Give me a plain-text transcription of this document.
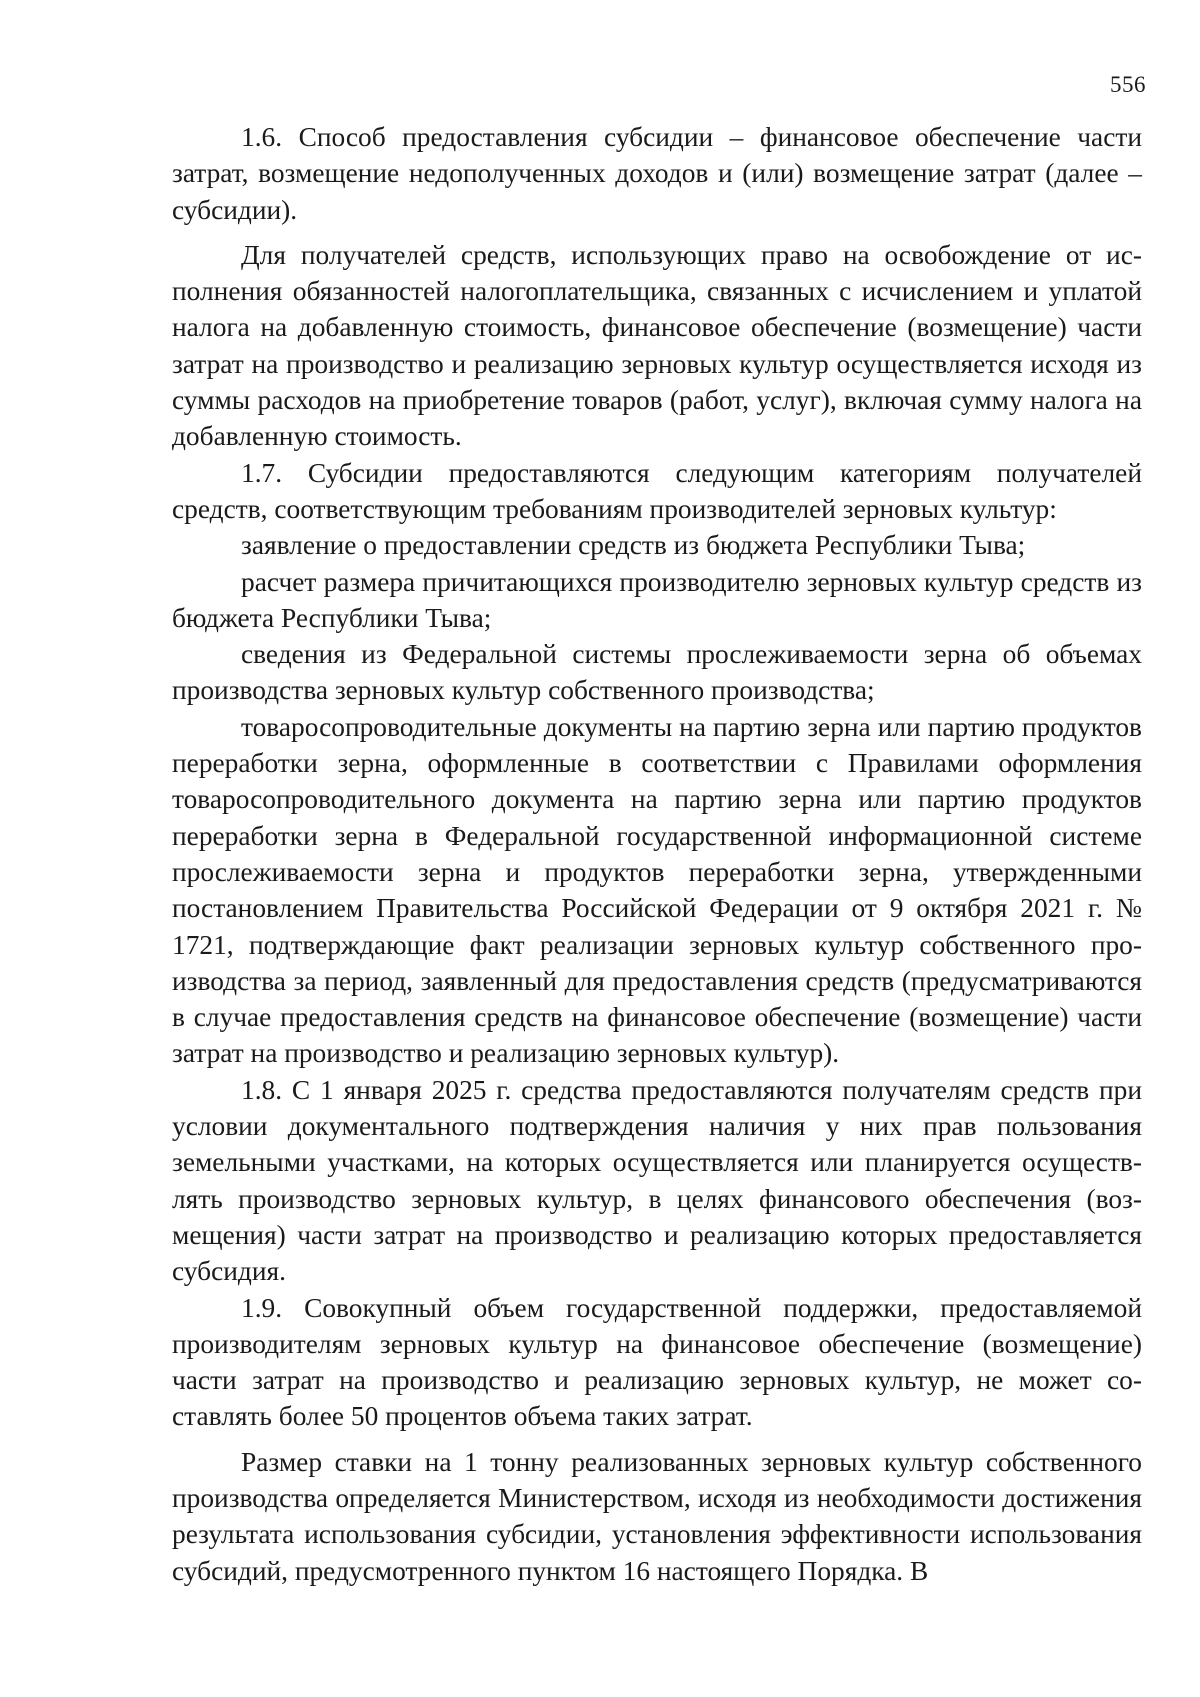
556

1.6. Способ предоставления субсидии – финансовое обеспечение части затрат, возмещение недополученных доходов и (или) возмещение затрат (далее – субсидии).

Для получателей средств, использующих право на освобождение от исполнения обязанностей налогоплательщика, связанных с исчислением и уплатой налога на добавленную стоимость, финансовое обеспечение (возмещение) части затрат на производство и реализацию зерновых культур осуществляется исходя из суммы расходов на приобретение товаров (работ, услуг), включая сумму налога на добавленную стоимость.

1.7. Субсидии предоставляются следующим категориям получателей средств, соответствующим требованиям производителей зерновых культур:

заявление о предоставлении средств из бюджета Республики Тыва;

расчет размера причитающихся производителю зерновых культур средств из бюджета Республики Тыва;

сведения из Федеральной системы прослеживаемости зерна об объемах производства зерновых культур собственного производства;

товаросопроводительные документы на партию зерна или партию продуктов переработки зерна, оформленные в соответствии с Правилами оформления товаросопроводительного документа на партию зерна или партию продуктов переработки зерна в Федеральной государственной информационной системе прослеживаемости зерна и продуктов переработки зерна, утвержденными постановлением Правительства Российской Федерации от 9 октября 2021 г. № 1721, подтверждающие факт реализации зерновых культур собственного производства за период, заявленный для предоставления средств (предусматриваются в случае предоставления средств на финансовое обеспечение (возмещение) части затрат на производство и реализацию зерновых культур).

1.8. С 1 января 2025 г. средства предоставляются получателям средств при условии документального подтверждения наличия у них прав пользования земельными участками, на которых осуществляется или планируется осуществлять производство зерновых культур, в целях финансового обеспечения (возмещения) части затрат на производство и реализацию которых предоставляется субсидия.

1.9. Совокупный объем государственной поддержки, предоставляемой производителям зерновых культур на финансовое обеспечение (возмещение) части затрат на производство и реализацию зерновых культур, не может составлять более 50 процентов объема таких затрат.

Размер ставки на 1 тонну реализованных зерновых культур собственного производства определяется Министерством, исходя из необходимости достижения результата использования субсидии, установления эффективности использования субсидий, предусмотренного пунктом 16 настоящего Порядка. В
